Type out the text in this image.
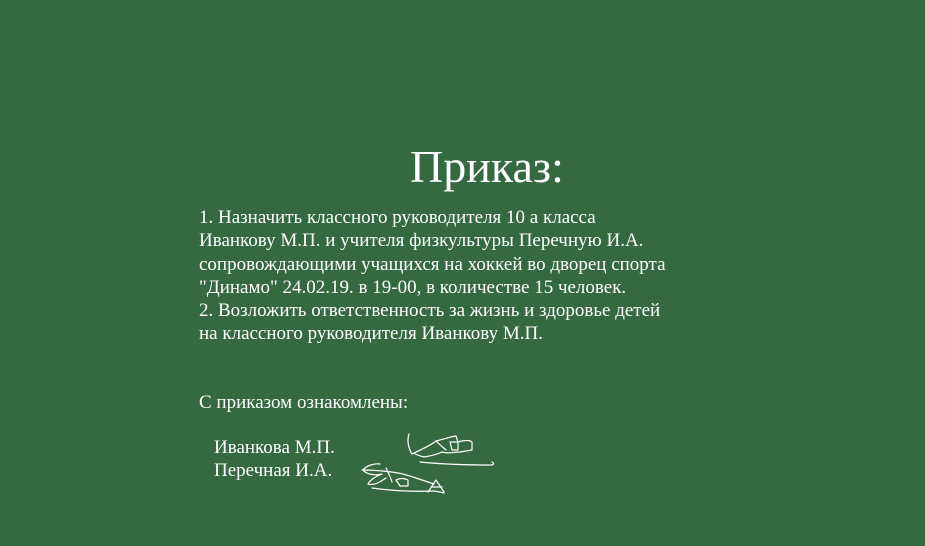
Приказ:
1. Назначить классного руководителя 10 а класса
Иванкову М.П. и учителя физкультуры Перечную И.А.
сопровождающими учащихся на хоккей во дворец спорта
"Динамо" 24.02.19. в 19-00, в количестве 15 человек.
2. Возложить ответственность за жизнь и здоровье детей
на классного руководителя Иванкову М.П.
С приказом ознакомлены:
Иванкова М.П.
Перечная И.А.
